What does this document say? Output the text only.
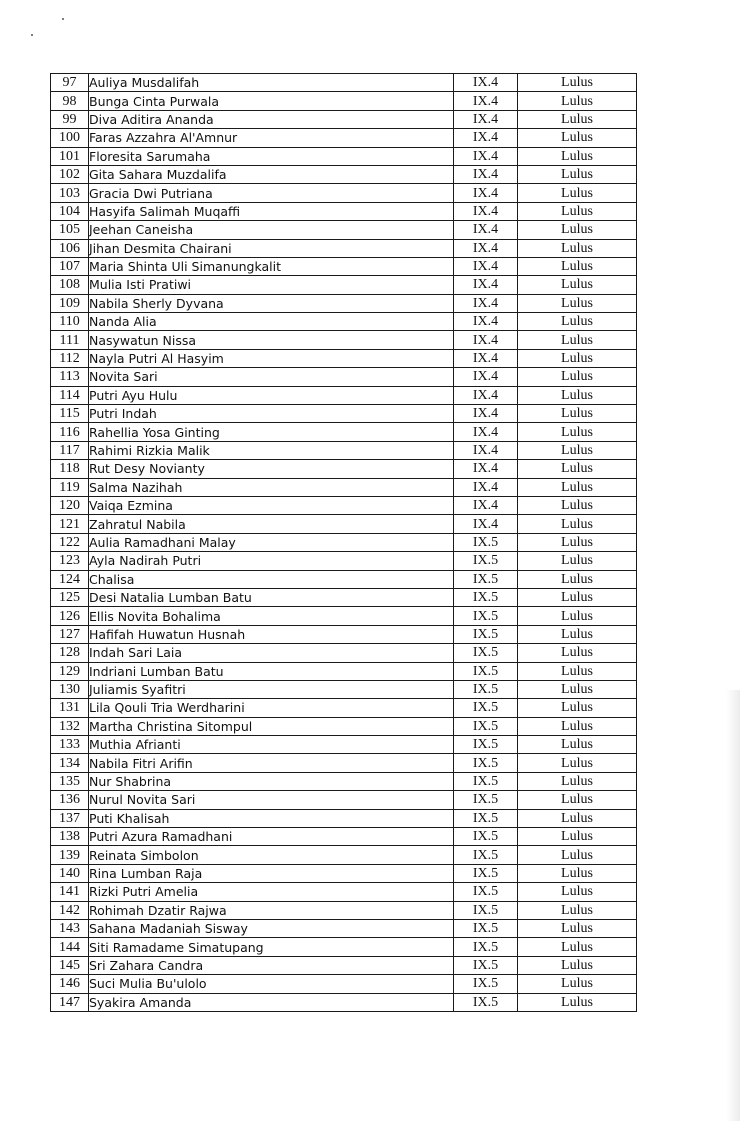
97	Auliya Musdalifah	IX.4	Lulus
98	Bunga Cinta Purwala	IX.4	Lulus
99	Diva Aditira Ananda	IX.4	Lulus
100	Faras Azzahra Al'Amnur	IX.4	Lulus
101	Floresita Sarumaha	IX.4	Lulus
102	Gita Sahara Muzdalifa	IX.4	Lulus
103	Gracia Dwi Putriana	IX.4	Lulus
104	Hasyifa Salimah Muqaffi	IX.4	Lulus
105	Jeehan Caneisha	IX.4	Lulus
106	Jihan Desmita Chairani	IX.4	Lulus
107	Maria Shinta Uli Simanungkalit	IX.4	Lulus
108	Mulia Isti Pratiwi	IX.4	Lulus
109	Nabila Sherly Dyvana	IX.4	Lulus
110	Nanda Alia	IX.4	Lulus
111	Nasywatun Nissa	IX.4	Lulus
112	Nayla Putri Al Hasyim	IX.4	Lulus
113	Novita Sari	IX.4	Lulus
114	Putri Ayu Hulu	IX.4	Lulus
115	Putri Indah	IX.4	Lulus
116	Rahellia Yosa Ginting	IX.4	Lulus
117	Rahimi Rizkia Malik	IX.4	Lulus
118	Rut Desy Novianty	IX.4	Lulus
119	Salma Nazihah	IX.4	Lulus
120	Vaiqa Ezmina	IX.4	Lulus
121	Zahratul Nabila	IX.4	Lulus
122	Aulia Ramadhani Malay	IX.5	Lulus
123	Ayla Nadirah Putri	IX.5	Lulus
124	Chalisa	IX.5	Lulus
125	Desi Natalia Lumban Batu	IX.5	Lulus
126	Ellis Novita Bohalima	IX.5	Lulus
127	Hafifah Huwatun Husnah	IX.5	Lulus
128	Indah Sari Laia	IX.5	Lulus
129	Indriani Lumban Batu	IX.5	Lulus
130	Juliamis Syafitri	IX.5	Lulus
131	Lila Qouli Tria Werdharini	IX.5	Lulus
132	Martha Christina Sitompul	IX.5	Lulus
133	Muthia Afrianti	IX.5	Lulus
134	Nabila Fitri Arifin	IX.5	Lulus
135	Nur Shabrina	IX.5	Lulus
136	Nurul Novita Sari	IX.5	Lulus
137	Puti Khalisah	IX.5	Lulus
138	Putri Azura Ramadhani	IX.5	Lulus
139	Reinata Simbolon	IX.5	Lulus
140	Rina Lumban Raja	IX.5	Lulus
141	Rizki Putri Amelia	IX.5	Lulus
142	Rohimah Dzatir Rajwa	IX.5	Lulus
143	Sahana Madaniah Sisway	IX.5	Lulus
144	Siti Ramadame Simatupang	IX.5	Lulus
145	Sri Zahara Candra	IX.5	Lulus
146	Suci Mulia Bu'ulolo	IX.5	Lulus
147	Syakira Amanda	IX.5	Lulus
